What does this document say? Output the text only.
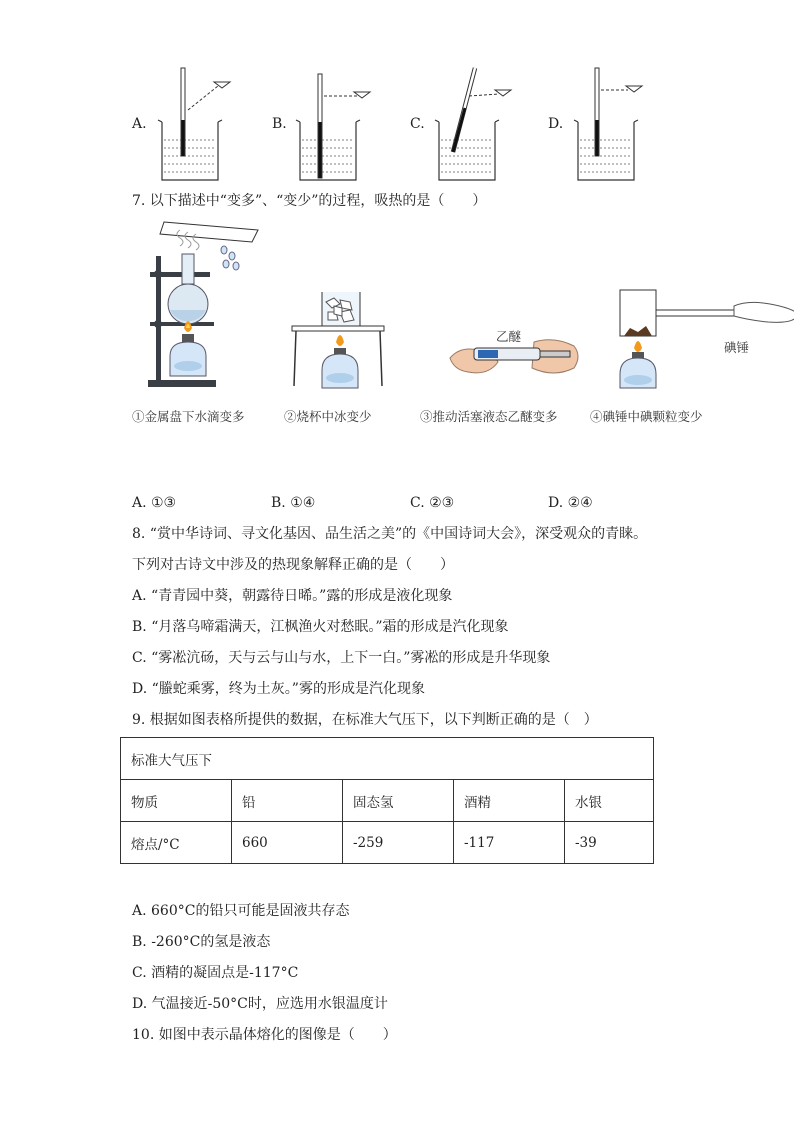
A.	B.	C.	D.
7. 以下描述中“变多”、“变少”的过程，吸热的是（　　）
①金属盘下水滴变多	②烧杯中冰变少
乙醚
③推动活塞液态乙醚变多
碘锤
④碘锤中碘颗粒变少
A. ①③	B. ①④	C. ②③	D. ②④
8. “赏中华诗词、寻文化基因、品生活之美”的《中国诗词大会》，深受观众的青睐。
下列对古诗文中涉及的热现象解释正确的是（　　）
A. “青青园中葵，朝露待日晞。”露的形成是液化现象
B. “月落乌啼霜满天，江枫渔火对愁眠。”霜的形成是汽化现象
C. “雾凇沆砀，天与云与山与水，上下一白。”雾凇的形成是升华现象
D. “螣蛇乘雾，终为土灰。”雾的形成是汽化现象
9. 根据如图表格所提供的数据，在标准大气压下，以下判断正确的是（　）
标准大气压下				
物质	铅	固态氢	酒精	水银
熔点/°C	660	-259	-117	-39
A. 660°C的铅只可能是固液共存态
B. -260°C的氢是液态
C. 酒精的凝固点是-117°C
D. 气温接近-50°C时，应选用水银温度计
10. 如图中表示晶体熔化的图像是（　　）
